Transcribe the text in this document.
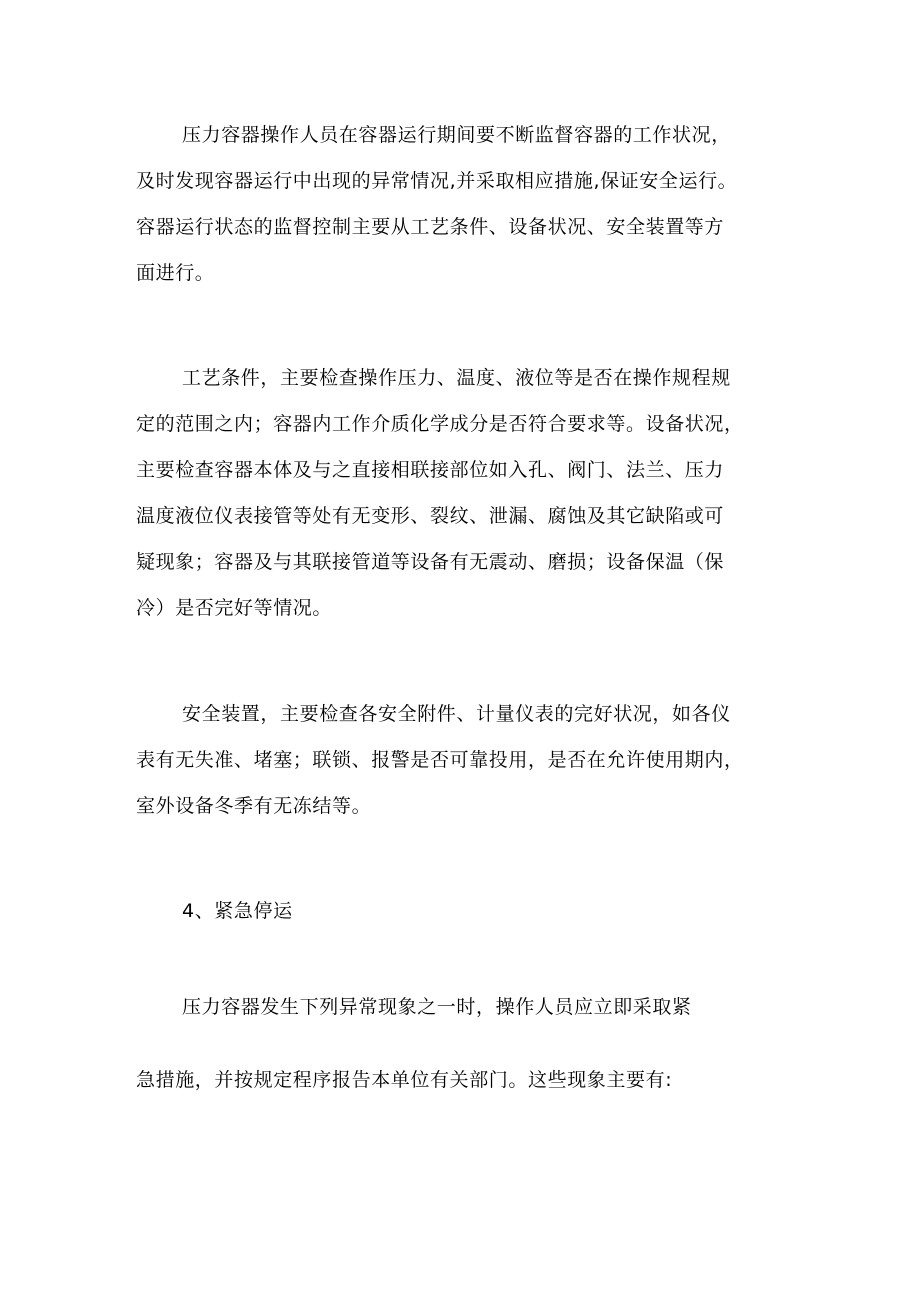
压力容器操作人员在容器运行期间要不断监督容器的工作状况，
及时发现容器运行中出现的异常情况,并采取相应措施,保证安全运行。
容器运行状态的监督控制主要从工艺条件、设备状况、安全装置等方
面进行。
工艺条件，主要检查操作压力、温度、液位等是否在操作规程规
定的范围之内；容器内工作介质化学成分是否符合要求等。设备状况，
主要检查容器本体及与之直接相联接部位如入孔、阀门、法兰、压力
温度液位仪表接管等处有无变形、裂纹、泄漏、腐蚀及其它缺陷或可
疑现象；容器及与其联接管道等设备有无震动、磨损；设备保温（保
冷）是否完好等情况。
安全装置，主要检查各安全附件、计量仪表的完好状况，如各仪
表有无失准、堵塞；联锁、报警是否可靠投用，是否在允许使用期内，
室外设备冬季有无冻结等。
4、紧急停运
压力容器发生下列异常现象之一时，操作人员应立即采取紧
急措施，并按规定程序报告本单位有关部门。这些现象主要有:
